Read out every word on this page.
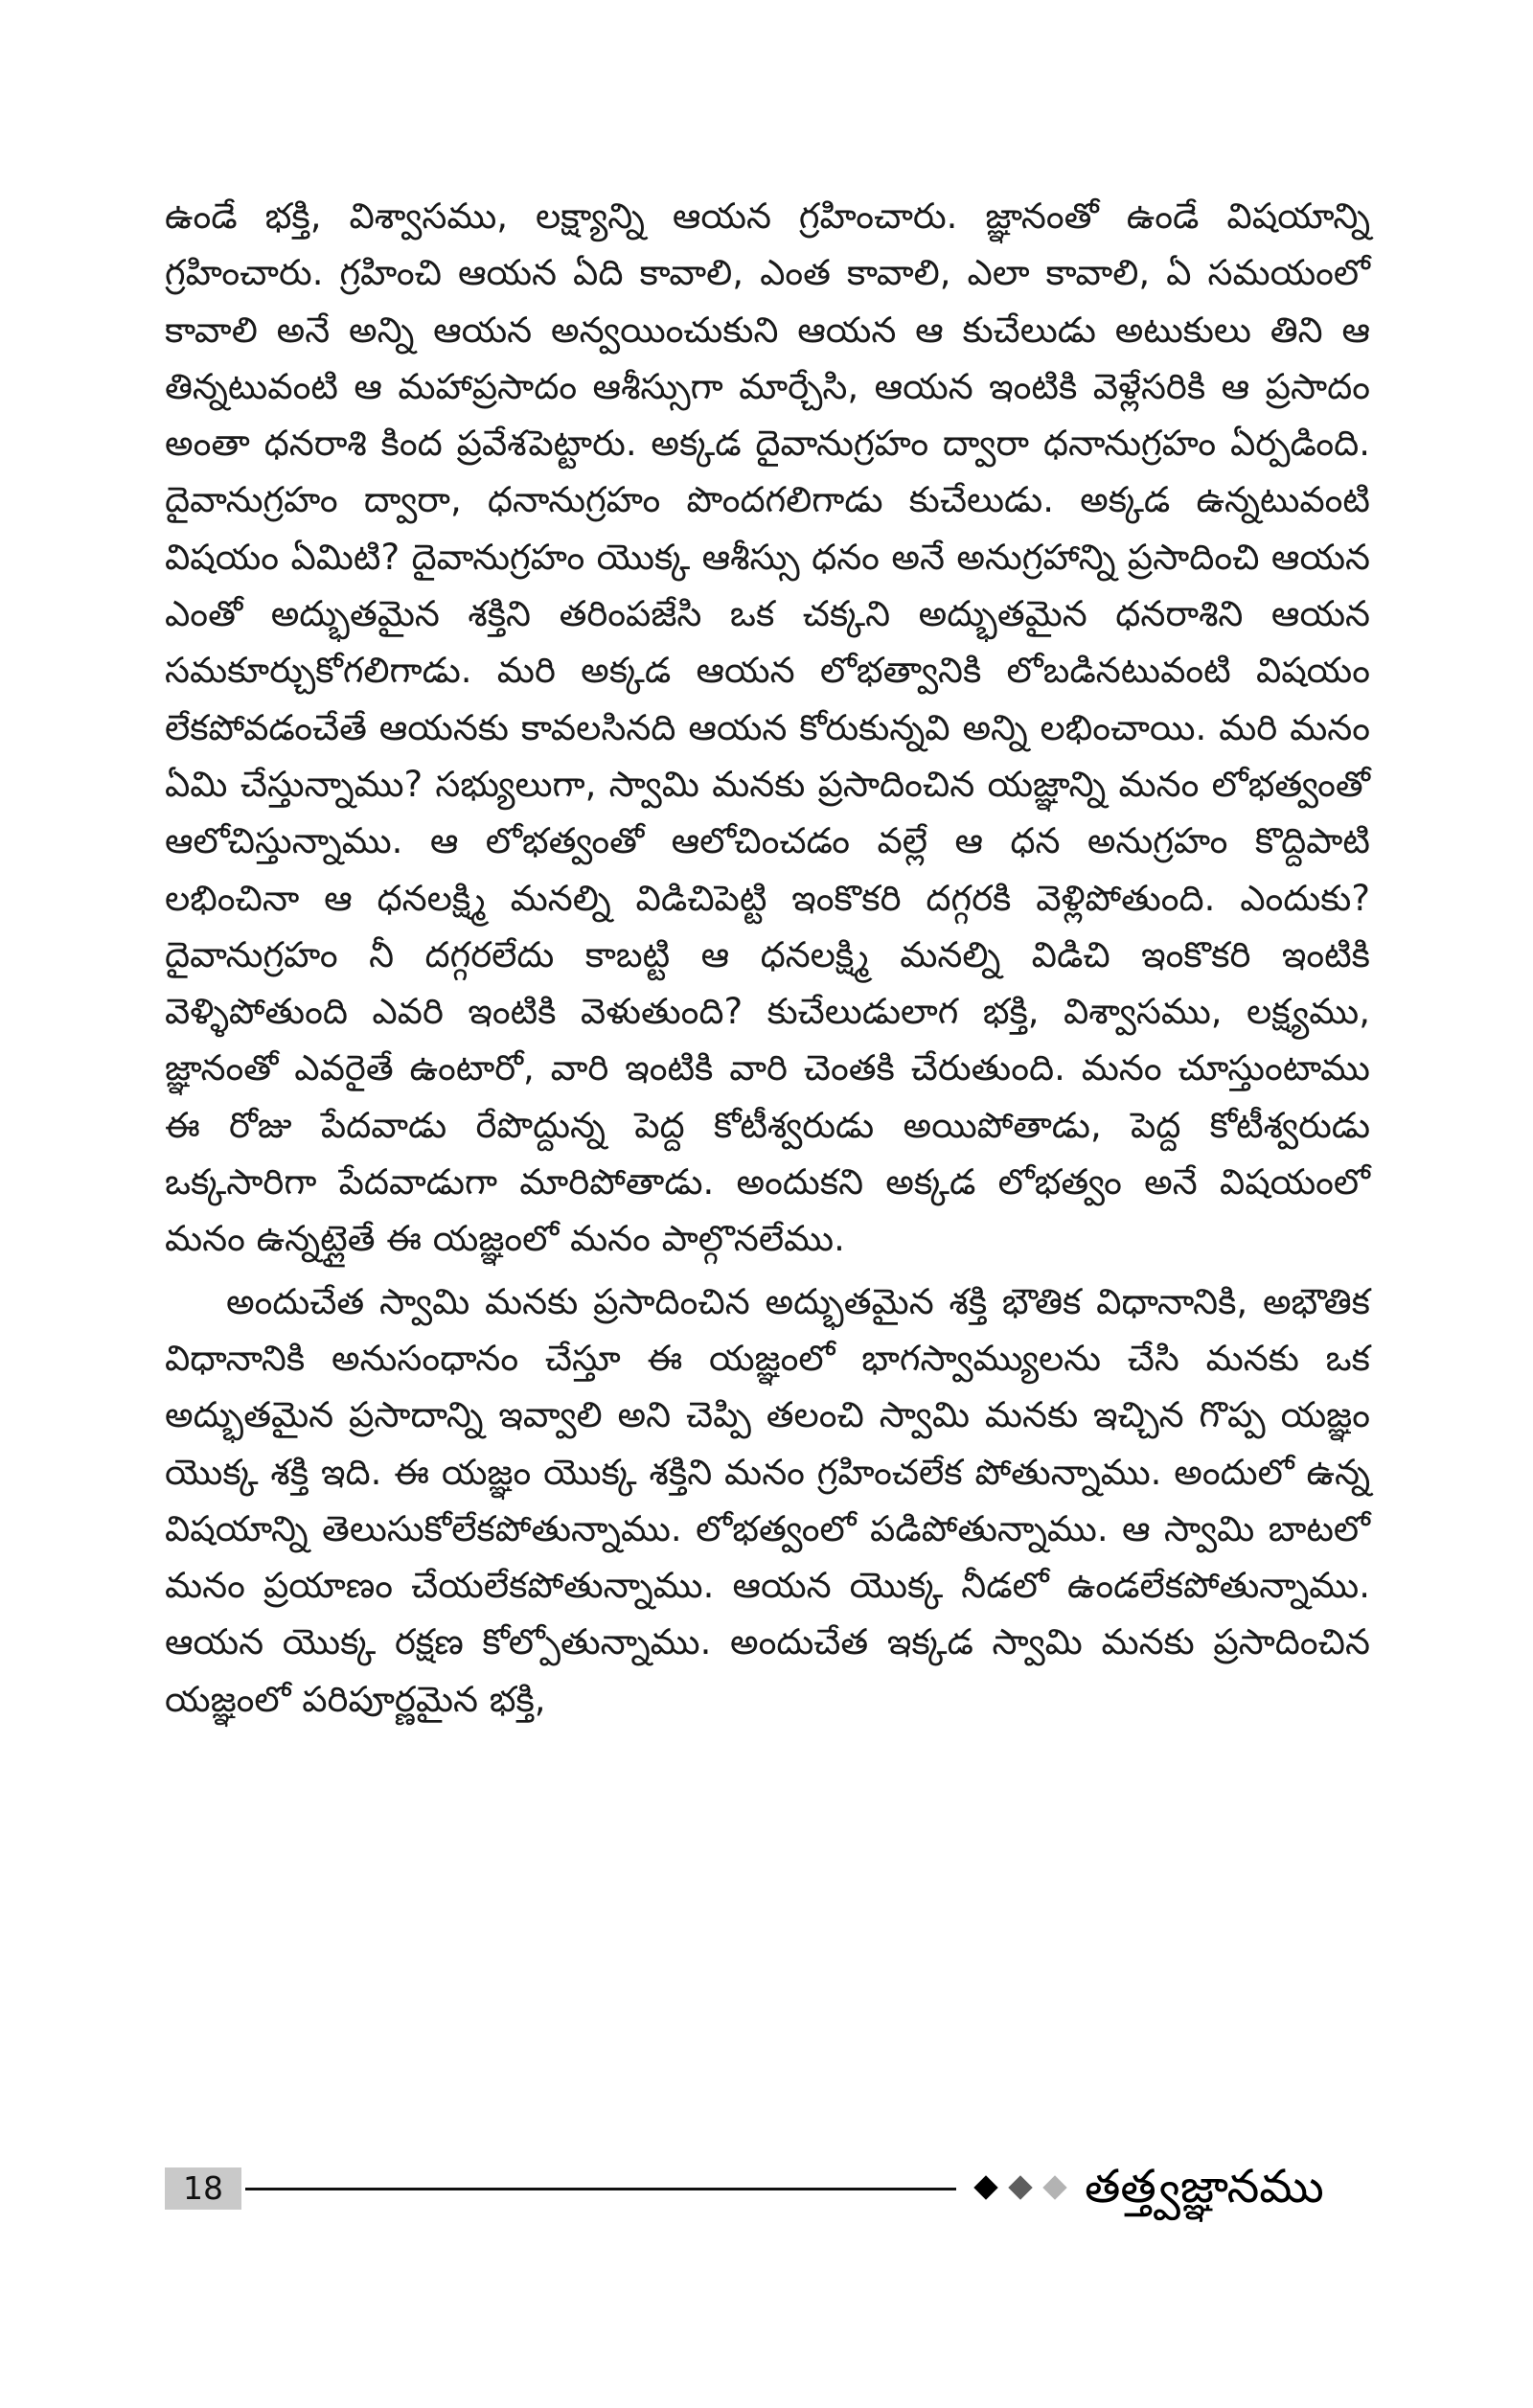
ఉండే భక్తి, విశ్వాసము, లక్ష్యాన్ని ఆయన గ్రహించారు. జ్ఞానంతో ఉండే విషయాన్ని గ్రహించారు. గ్రహించి ఆయన ఏది కావాలి, ఎంత కావాలి, ఎలా కావాలి, ఏ సమయంలో కావాలి అనే అన్ని ఆయన అన్వయించుకుని ఆయన ఆ కుచేలుడు అటుకులు తిని ఆ తిన్నటువంటి ఆ మహాప్రసాదం ఆశీస్సుగా మార్చేసి, ఆయన ఇంటికి వెళ్లేసరికి ఆ ప్రసాదం అంతా ధనరాశి కింద ప్రవేశపెట్టారు. అక్కడ దైవానుగ్రహం ద్వారా ధనానుగ్రహం ఏర్పడింది. దైవానుగ్రహం ద్వారా, ధనానుగ్రహం పొందగలిగాడు కుచేలుడు. అక్కడ ఉన్నటువంటి విషయం ఏమిటి? దైవానుగ్రహం యొక్క ఆశీస్సు ధనం అనే అనుగ్రహాన్ని ప్రసాదించి ఆయన ఎంతో అద్భుతమైన శక్తిని తరింపజేసి ఒక చక్కని అద్భుతమైన ధనరాశిని ఆయన సమకూర్చుకోగలిగాడు. మరి అక్కడ ఆయన లోభత్వానికి లోబడినటువంటి విషయం లేకపోవడంచేతే ఆయనకు కావలసినది ఆయన కోరుకున్నవి అన్ని లభించాయి. మరి మనం ఏమి చేస్తున్నాము? సభ్యులుగా, స్వామి మనకు ప్రసాదించిన యజ్ఞాన్ని మనం లోభత్వంతో ఆలోచిస్తున్నాము. ఆ లోభత్వంతో ఆలోచించడం వల్లే ఆ ధన అనుగ్రహం కొద్దిపాటి లభించినా ఆ ధనలక్ష్మి మనల్ని విడిచిపెట్టి ఇంకొకరి దగ్గరకి వెళ్లిపోతుంది. ఎందుకు? దైవానుగ్రహం నీ దగ్గరలేదు కాబట్టి ఆ ధనలక్ష్మి మనల్ని విడిచి ఇంకొకరి ఇంటికి వెళ్ళిపోతుంది ఎవరి ఇంటికి వెళుతుంది? కుచేలుడులాగ భక్తి, విశ్వాసము, లక్ష్యము, జ్ఞానంతో ఎవరైతే ఉంటారో, వారి ఇంటికి వారి చెంతకి చేరుతుంది. మనం చూస్తుంటాము ఈ రోజు పేదవాడు రేపొద్దున్న పెద్ద కోటీశ్వరుడు అయిపోతాడు, పెద్ద కోటీశ్వరుడు ఒక్కసారిగా పేదవాడుగా మారిపోతాడు. అందుకని అక్కడ లోభత్వం అనే విషయంలో మనం ఉన్నట్లైతే ఈ యజ్ఞంలో మనం పాల్గొనలేము.

అందుచేత స్వామి మనకు ప్రసాదించిన అద్భుతమైన శక్తి భౌతిక విధానానికి, అభౌతిక విధానానికి అనుసంధానం చేస్తూ ఈ యజ్ఞంలో భాగస్వామ్యులను చేసి మనకు ఒక అద్భుతమైన ప్రసాదాన్ని ఇవ్వాలి అని చెప్పి తలంచి స్వామి మనకు ఇచ్చిన గొప్ప యజ్ఞం యొక్క శక్తి ఇది. ఈ యజ్ఞం యొక్క శక్తిని మనం గ్రహించలేక పోతున్నాము. అందులో ఉన్న విషయాన్ని తెలుసుకోలేకపోతున్నాము. లోభత్వంలో పడిపోతున్నాము. ఆ స్వామి బాటలో మనం ప్రయాణం చేయలేకపోతున్నాము. ఆయన యొక్క నీడలో ఉండలేకపోతున్నాము. ఆయన యొక్క రక్షణ కోల్పోతున్నాము. అందుచేత ఇక్కడ స్వామి మనకు ప్రసాదించిన యజ్ఞంలో పరిపూర్ణమైన భక్తి,

18	తత్త్వజ్ఞానము
